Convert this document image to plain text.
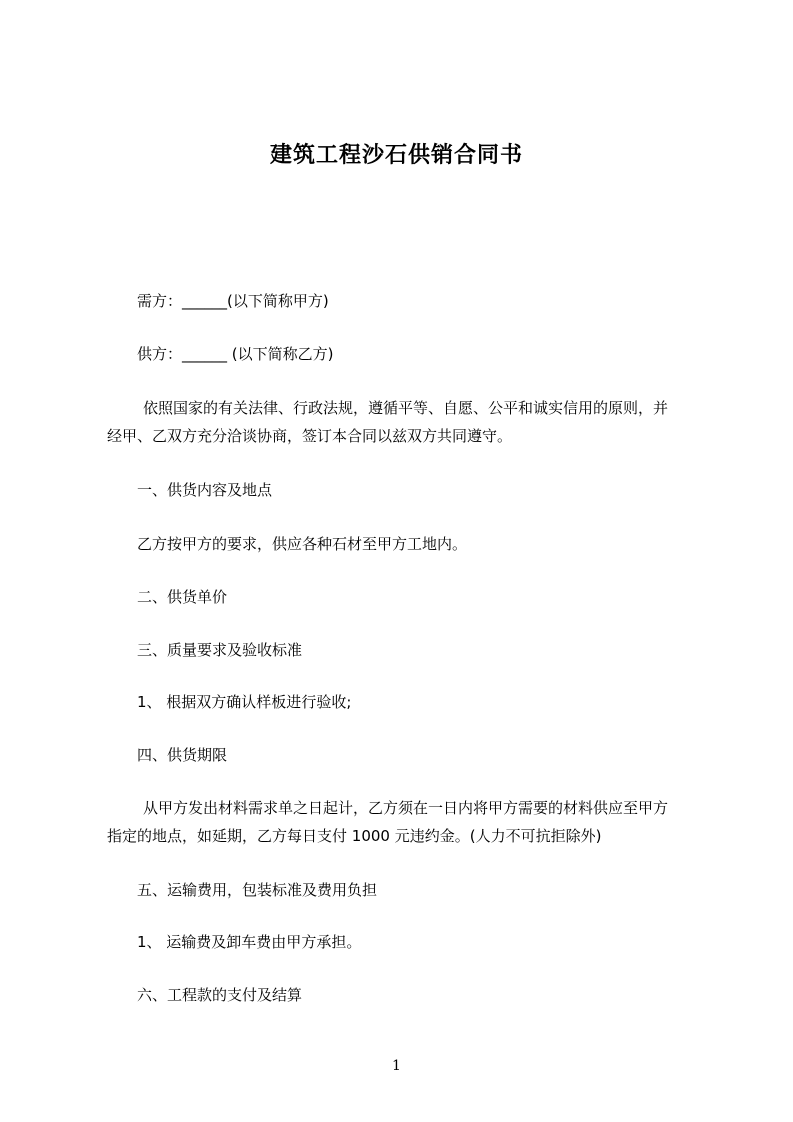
建筑工程沙石供销合同书
需方：______(以下简称甲方)
供方：______ (以下简称乙方)
依照国家的有关法律、行政法规，遵循平等、自愿、公平和诚实信用的原则，并
经甲、乙双方充分洽谈协商，签订本合同以兹双方共同遵守。
一、供货内容及地点
乙方按甲方的要求，供应各种石材至甲方工地内。
二、供货单价
三、质量要求及验收标准
1、 根据双方确认样板进行验收;
四、供货期限
从甲方发出材料需求单之日起计，乙方须在一日内将甲方需要的材料供应至甲方
指定的地点，如延期，乙方每日支付 1000 元违约金。(人力不可抗拒除外)
五、运输费用，包装标准及费用负担
1、 运输费及卸车费由甲方承担。
六、工程款的支付及结算
1
